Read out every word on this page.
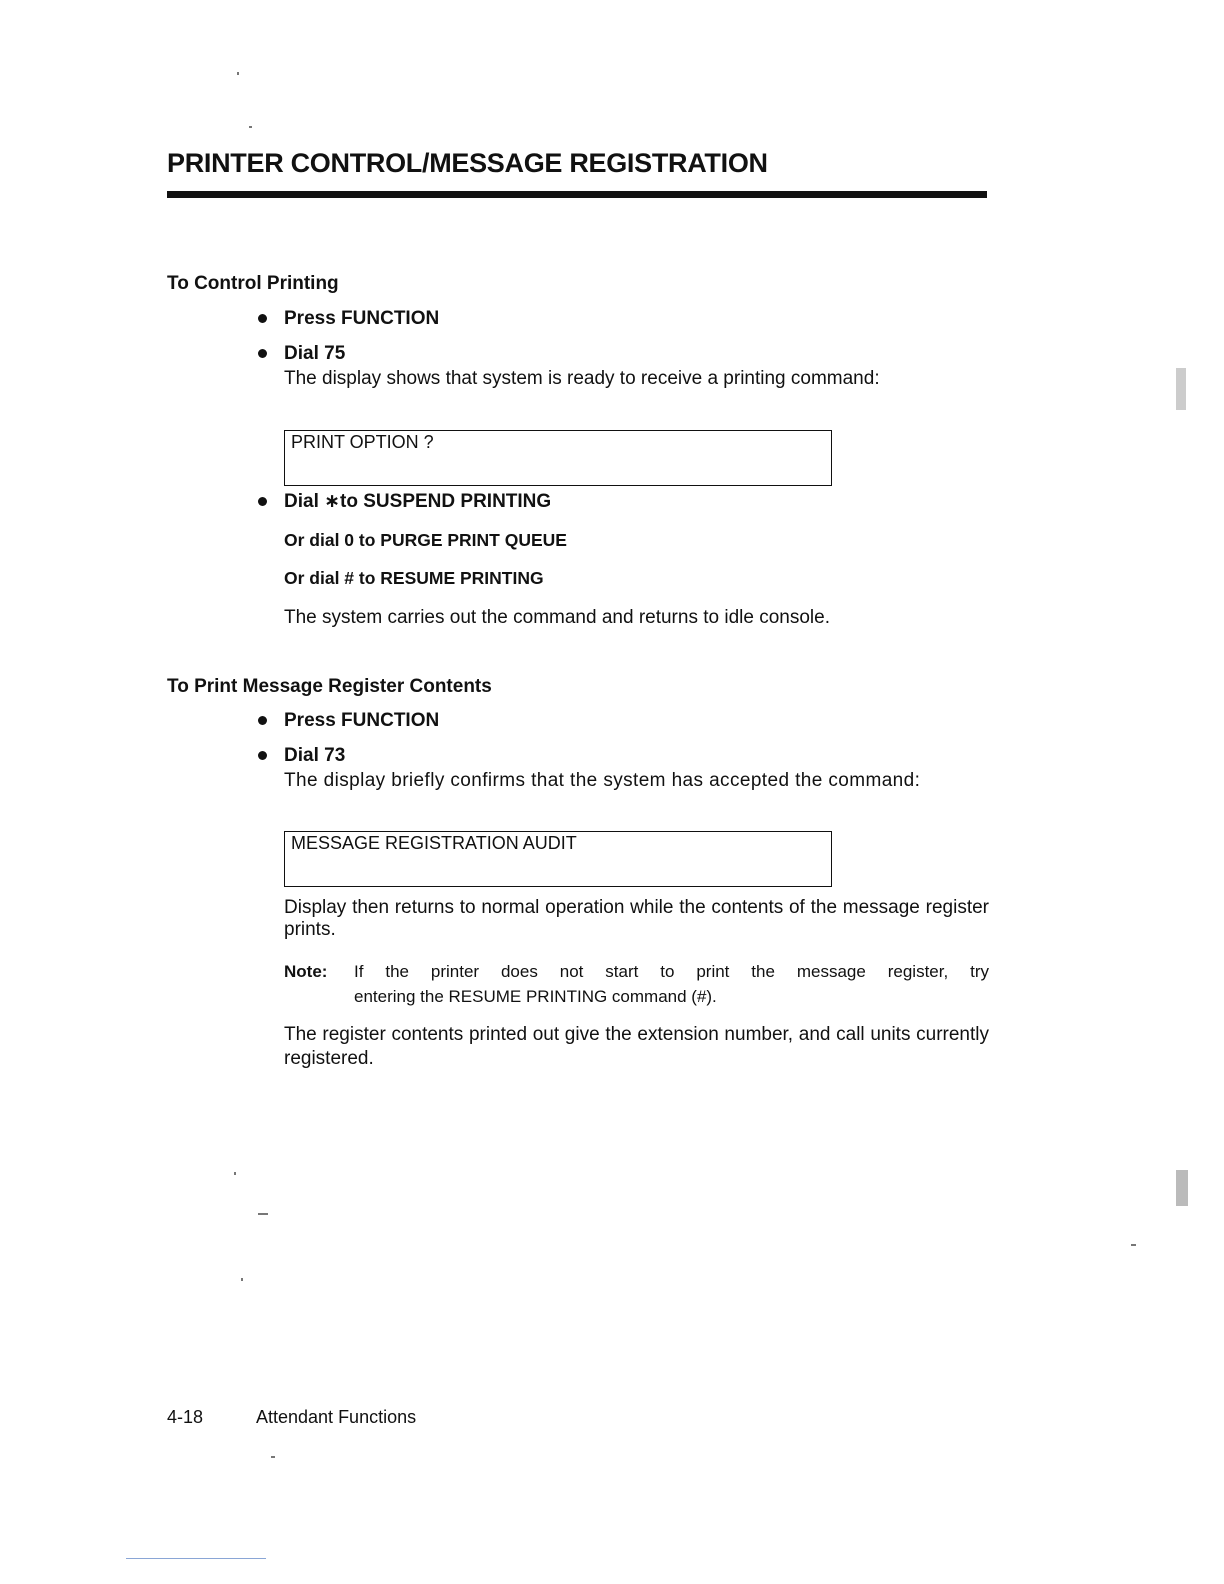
PRINTER CONTROL/MESSAGE REGISTRATION
To Control Printing
Press FUNCTION
Dial 75
The display shows that system is ready to receive a printing command:
PRINT OPTION ?
Dial ∗to SUSPEND PRINTING
Or dial 0 to PURGE PRINT QUEUE
Or dial # to RESUME PRINTING
The system carries out the command and returns to idle console.
To Print Message Register Contents
Press FUNCTION
Dial 73
The display briefly confirms that the system has accepted the command:
MESSAGE REGISTRATION AUDIT
Display then returns to normal operation while the contents of the message register prints.
Note: If the printer does not start to print the message register, try
entering the RESUME PRINTING command (#).
The register contents printed out give the extension number, and call units currently registered.
4-18	Attendant Functions
